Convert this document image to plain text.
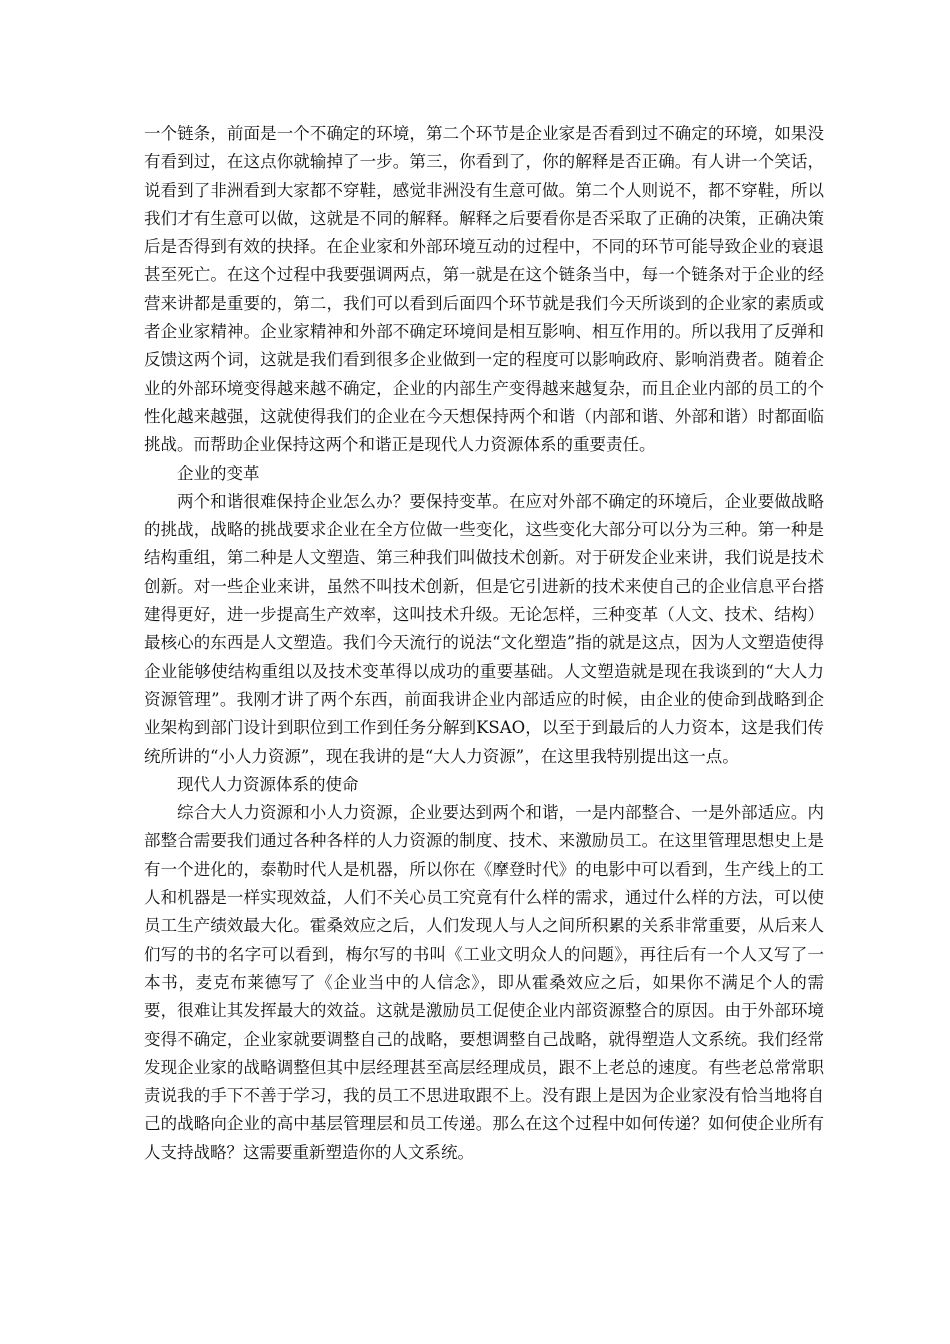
一个链条，前面是一个不确定的环境，第二个环节是企业家是否看到过不确定的环境，如果没有看到过，在这点你就输掉了一步。第三，你看到了，你的解释是否正确。有人讲一个笑话，说看到了非洲看到大家都不穿鞋，感觉非洲没有生意可做。第二个人则说不，都不穿鞋，所以我们才有生意可以做，这就是不同的解释。解释之后要看你是否采取了正确的决策，正确决策后是否得到有效的抉择。在企业家和外部环境互动的过程中，不同的环节可能导致企业的衰退甚至死亡。在这个过程中我要强调两点，第一就是在这个链条当中，每一个链条对于企业的经营来讲都是重要的，第二，我们可以看到后面四个环节就是我们今天所谈到的企业家的素质或者企业家精神。企业家精神和外部不确定环境间是相互影响、相互作用的。所以我用了反弹和反馈这两个词，这就是我们看到很多企业做到一定的程度可以影响政府、影响消费者。随着企业的外部环境变得越来越不确定，企业的内部生产变得越来越复杂，而且企业内部的员工的个性化越来越强，这就使得我们的企业在今天想保持两个和谐（内部和谐、外部和谐）时都面临挑战。而帮助企业保持这两个和谐正是现代人力资源体系的重要责任。

企业的变革

两个和谐很难保持企业怎么办？要保持变革。在应对外部不确定的环境后，企业要做战略的挑战，战略的挑战要求企业在全方位做一些变化，这些变化大部分可以分为三种。第一种是结构重组，第二种是人文塑造、第三种我们叫做技术创新。对于研发企业来讲，我们说是技术创新。对一些企业来讲，虽然不叫技术创新，但是它引进新的技术来使自己的企业信息平台搭建得更好，进一步提高生产效率，这叫技术升级。无论怎样，三种变革（人文、技术、结构）最核心的东西是人文塑造。我们今天流行的说法“文化塑造”指的就是这点，因为人文塑造使得企业能够使结构重组以及技术变革得以成功的重要基础。人文塑造就是现在我谈到的“大人力资源管理”。我刚才讲了两个东西，前面我讲企业内部适应的时候，由企业的使命到战略到企业架构到部门设计到职位到工作到任务分解到KSAO，以至于到最后的人力资本，这是我们传统所讲的“小人力资源”，现在我讲的是“大人力资源”，在这里我特别提出这一点。

现代人力资源体系的使命

综合大人力资源和小人力资源，企业要达到两个和谐，一是内部整合、一是外部适应。内部整合需要我们通过各种各样的人力资源的制度、技术、来激励员工。在这里管理思想史上是有一个进化的，泰勒时代人是机器，所以你在《摩登时代》的电影中可以看到，生产线上的工人和机器是一样实现效益，人们不关心员工究竟有什么样的需求，通过什么样的方法，可以使员工生产绩效最大化。霍桑效应之后，人们发现人与人之间所积累的关系非常重要，从后来人们写的书的名字可以看到，梅尔写的书叫《工业文明众人的问题》，再往后有一个人又写了一本书，麦克布莱德写了《企业当中的人信念》，即从霍桑效应之后，如果你不满足个人的需要，很难让其发挥最大的效益。这就是激励员工促使企业内部资源整合的原因。由于外部环境变得不确定，企业家就要调整自己的战略，要想调整自己战略，就得塑造人文系统。我们经常发现企业家的战略调整但其中层经理甚至高层经理成员，跟不上老总的速度。有些老总常常职责说我的手下不善于学习，我的员工不思进取跟不上。没有跟上是因为企业家没有恰当地将自己的战略向企业的高中基层管理层和员工传递。那么在这个过程中如何传递？如何使企业所有人支持战略？这需要重新塑造你的人文系统。
